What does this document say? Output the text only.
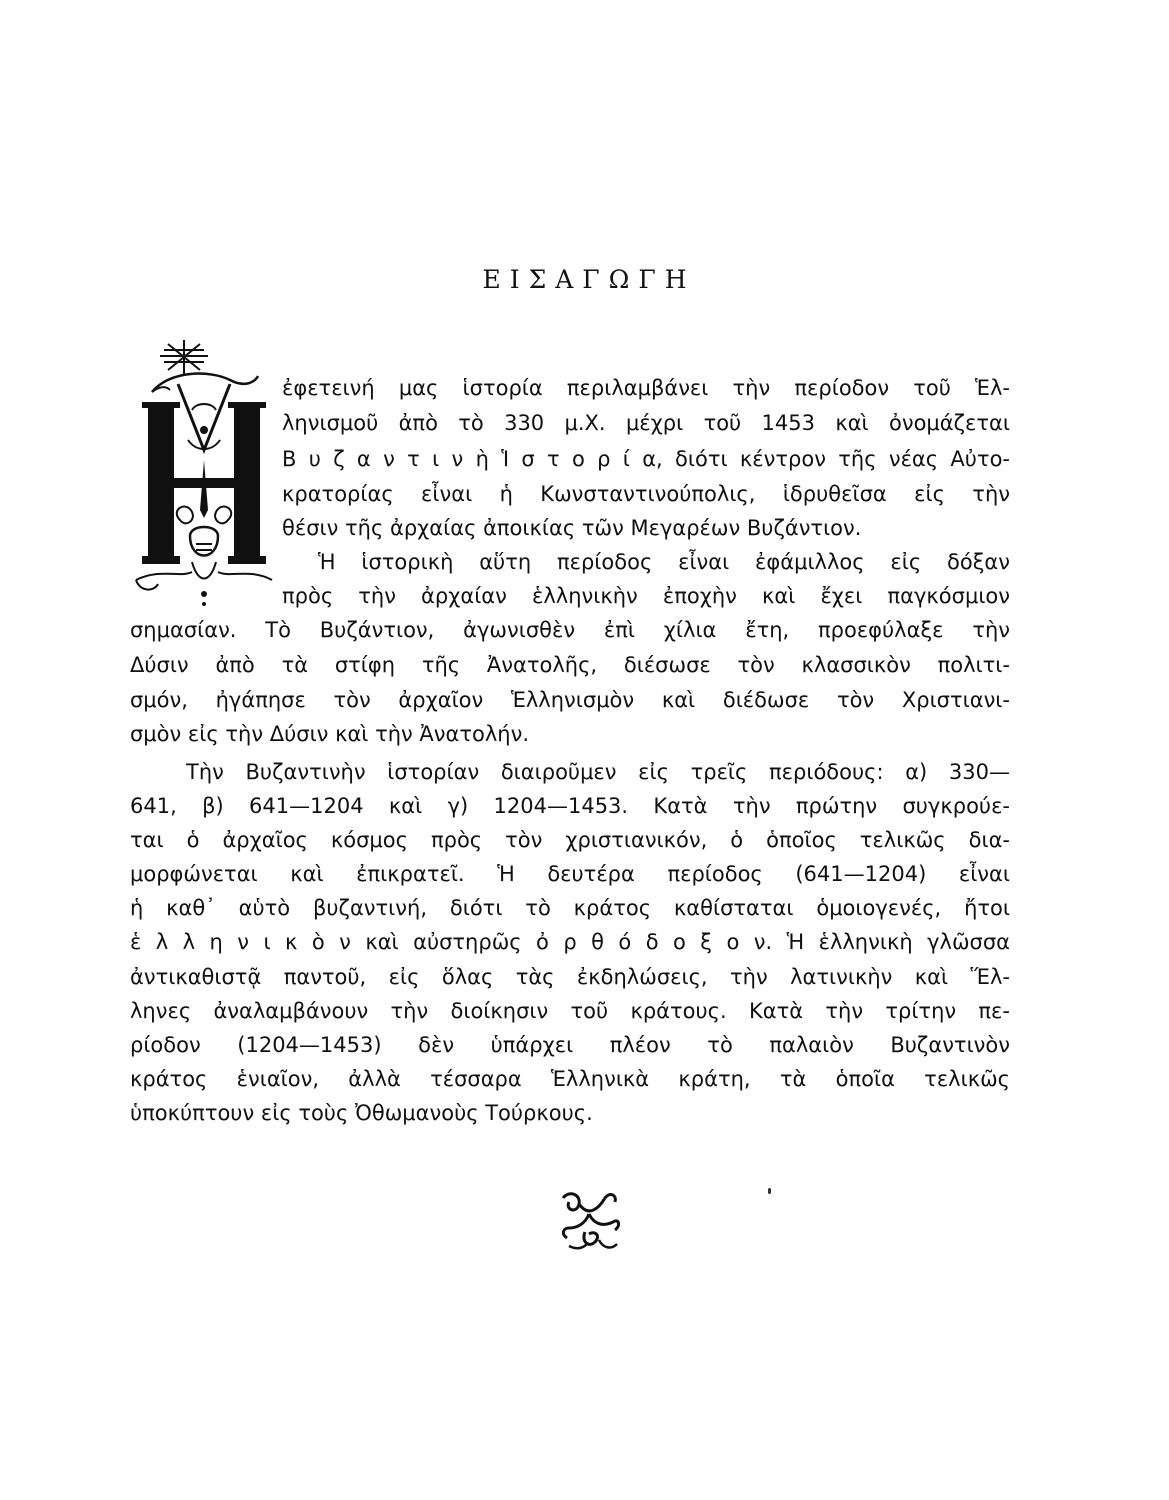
ΕΙΣΑΓΩΓΗ
ἐφετεινή μας ἱστορία περιλαμβάνει τὴν περίοδον τοῦ Ἑλ-
ληνισμοῦ ἀπὸ τὸ 330 μ.Χ. μέχρι τοῦ 1453 καὶ ὀνομάζεται
Β υ ζ α ν τ ι ν ὴ Ἱ σ τ ο ρ ί α, διότι κέντρον τῆς νέας Αὐτο-
κρατορίας εἶναι ἡ Κωνσταντινούπολις, ἱδρυθεῖσα εἰς τὴν
θέσιν τῆς ἀρχαίας ἀποικίας τῶν Μεγαρέων Βυζάντιον.
Ἡ ἱστορικὴ αὕτη περίοδος εἶναι ἐφάμιλλος εἰς δόξαν
πρὸς τὴν ἀρχαίαν ἑλληνικὴν ἐποχὴν καὶ ἔχει παγκόσμιον
σημασίαν. Τὸ Βυζάντιον, ἀγωνισθὲν ἐπὶ χίλια ἔτη, προεφύλαξε τὴν
Δύσιν ἀπὸ τὰ στίφη τῆς Ἀνατολῆς, διέσωσε τὸν κλασσικὸν πολιτι-
σμόν, ἠγάπησε τὸν ἀρχαῖον Ἑλληνισμὸν καὶ διέδωσε τὸν Χριστιανι-
σμὸν εἰς τὴν Δύσιν καὶ τὴν Ἀνατολήν.
Τὴν Βυζαντινὴν ἱστορίαν διαιροῦμεν εἰς τρεῖς περιόδους: α) 330—
641, β) 641—1204 καὶ γ) 1204—1453. Κατὰ τὴν πρώτην συγκρούε-
ται ὁ ἀρχαῖος κόσμος πρὸς τὸν χριστιανικόν, ὁ ὁποῖος τελικῶς δια-
μορφώνεται καὶ ἐπικρατεῖ. Ἡ δευτέρα περίοδος (641—1204) εἶναι
ἡ καθ᾽ αὑτὸ βυζαντινή, διότι τὸ κράτος καθίσταται ὁμοιογενές, ἤτοι
ἑ λ λ η ν ι κ ὸ ν καὶ αὐστηρῶς ὀ ρ θ ό δ ο ξ ο ν. Ἡ ἑλληνικὴ γλῶσσα
ἀντικαθιστᾷ παντοῦ, εἰς ὅλας τὰς ἐκδηλώσεις, τὴν λατινικὴν καὶ Ἕλ-
ληνες ἀναλαμβάνουν τὴν διοίκησιν τοῦ κράτους. Κατὰ τὴν τρίτην πε-
ρίοδον (1204—1453) δὲν ὑπάρχει πλέον τὸ παλαιὸν Βυζαντινὸν
κράτος ἑνιαῖον, ἀλλὰ τέσσαρα Ἑλληνικὰ κράτη, τὰ ὁποῖα τελικῶς
ὑποκύπτουν εἰς τοὺς Ὀθωμανοὺς Τούρκους.
